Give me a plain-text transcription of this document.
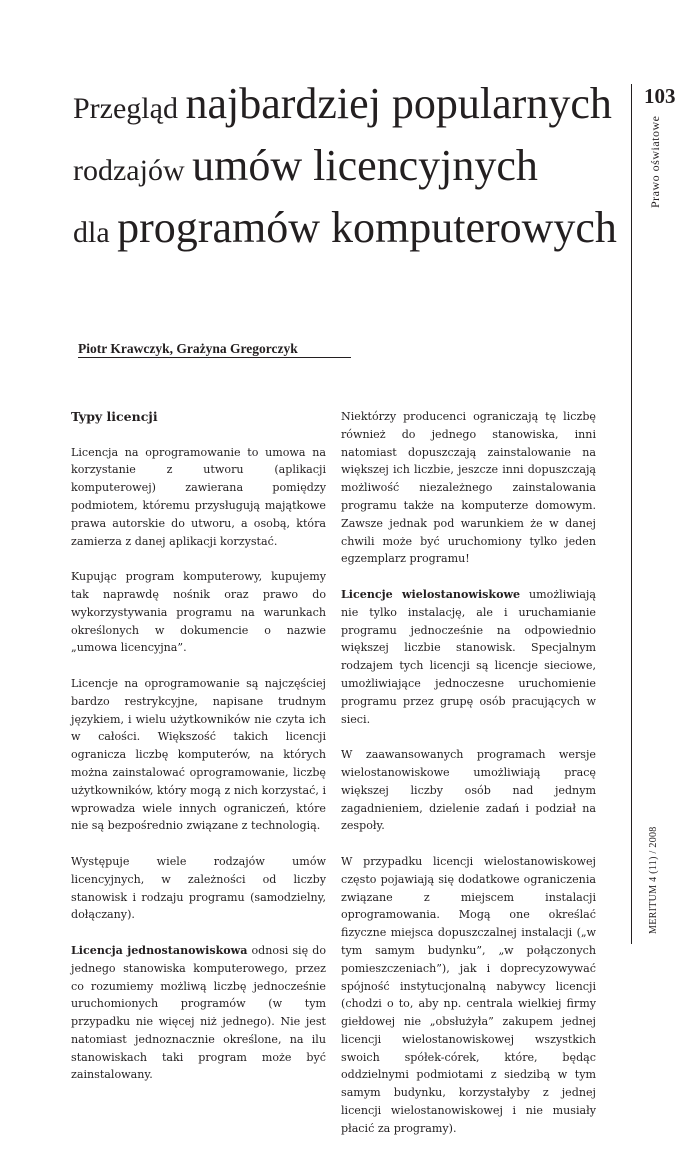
Przegląd najbardziej popularnych
rodzajów umów licencyjnych
dla programów komputerowych
103
Prawo oświatowe
MERITUM 4 (11) / 2008
Piotr Krawczyk, Grażyna Gregorczyk
Typy licencji

Licencja na oprogramowanie to umowa na korzystanie z utworu (aplikacji komputerowej) zawierana pomiędzy podmiotem, któremu przysługują majątkowe prawa autorskie do utworu, a osobą, która zamierza z danej aplikacji korzystać.

Kupując program komputerowy, kupujemy tak naprawdę nośnik oraz prawo do wykorzystywania programu na warunkach określonych w dokumencie o nazwie „umowa licencyjna”.

Licencje na oprogramowanie są najczęściej bardzo restrykcyjne, napisane trudnym językiem, i wielu użytkowników nie czyta ich w całości. Większość takich licencji ogranicza liczbę komputerów, na których można zainstalować oprogramowanie, liczbę użytkowników, który mogą z nich korzystać, i wprowadza wiele innych ograniczeń, które nie są bezpośrednio związane z technologią.

Występuje wiele rodzajów umów licencyjnych, w zależności od liczby stanowisk i rodzaju programu (samodzielny, dołączany).

Licencja jednostanowiskowa odnosi się do jednego stanowiska komputerowego, przez co rozumiemy możliwą liczbę jednocześnie uruchomionych programów (w tym przypadku nie więcej niż jednego). Nie jest natomiast jednoznacznie określone, na ilu stanowiskach taki program może być zainstalowany.

Niektórzy producenci ograniczają tę liczbę również do jednego stanowiska, inni natomiast dopuszczają zainstalowanie na większej ich liczbie, jeszcze inni dopuszczają możliwość niezależnego zainstalowania programu także na komputerze domowym. Zawsze jednak pod warunkiem że w danej chwili może być uruchomiony tylko jeden egzemplarz programu!

Licencje wielostanowiskowe umożliwiają nie tylko instalację, ale i uruchamianie programu jednocześnie na odpowiednio większej liczbie stanowisk. Specjalnym rodzajem tych licencji są licencje sieciowe, umożliwiające jednoczesne uruchomienie programu przez grupę osób pracujących w sieci.

W zaawansowanych programach wersje wielostanowiskowe umożliwiają pracę większej liczby osób nad jednym zagadnieniem, dzielenie zadań i podział na zespoły.

W przypadku licencji wielostanowiskowej często pojawiają się dodatkowe ograniczenia związane z miejscem instalacji oprogramowania. Mogą one określać fizyczne miejsca dopuszczalnej instalacji („w tym samym budynku”, „w połączonych pomieszczeniach”), jak i doprecyzowywać spójność instytucjonalną nabywcy licencji (chodzi o to, aby np. centrala wielkiej firmy giełdowej nie „obsłużyła” zakupem jednej licencji wielostanowiskowej wszystkich swoich spółek-córek, które, będąc oddzielnymi podmiotami z siedzibą w tym samym budynku, korzystałyby z jednej licencji wielostanowiskowej i nie musiały płacić za programy).
